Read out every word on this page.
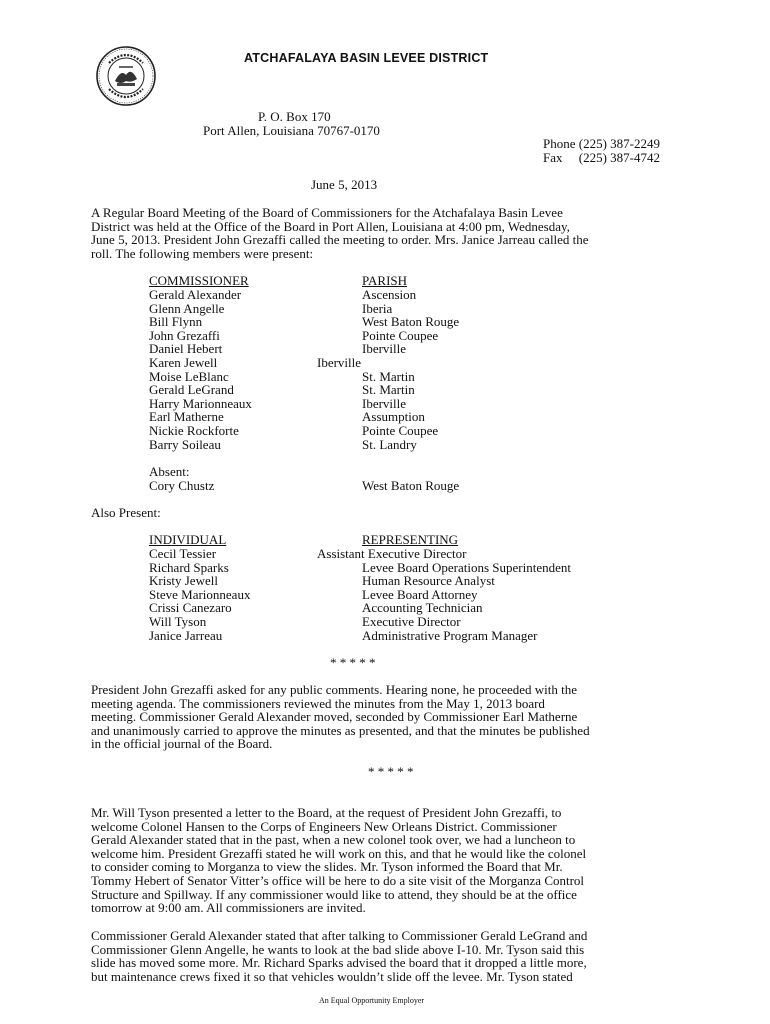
ATCHAFALAYA BASIN LEVEE DISTRICT
P. O. Box 170
Port Allen, Louisiana 70767-0170
Phone (225) 387-2249
Fax     (225) 387-4742
June 5, 2013
A Regular Board Meeting of the Board of Commissioners for the Atchafalaya Basin Levee
District was held at the Office of the Board in Port Allen, Louisiana at 4:00 pm, Wednesday,
June 5, 2013. President John Grezaffi called the meeting to order. Mrs. Janice Jarreau called the
roll. The following members were present:
COMMISSIONER	PARISH
Gerald Alexander	Ascension
Glenn Angelle	Iberia
Bill Flynn	West Baton Rouge
John Grezaffi	Pointe Coupee
Daniel Hebert	Iberville
Karen Jewell	Iberville
Moise LeBlanc	St. Martin
Gerald LeGrand	St. Martin
Harry Marionneaux	Iberville
Earl Matherne	Assumption
Nickie Rockforte	Pointe Coupee
Barry Soileau	St. Landry
Absent:
Cory Chustz	West Baton Rouge
Also Present:
INDIVIDUAL	REPRESENTING
Cecil Tessier	Assistant Executive Director
Richard Sparks	Levee Board Operations Superintendent
Kristy Jewell	Human Resource Analyst
Steve Marionneaux	Levee Board Attorney
Crissi Canezaro	Accounting Technician
Will Tyson	Executive Director
Janice Jarreau	Administrative Program Manager
* * * * *
President John Grezaffi asked for any public comments. Hearing none, he proceeded with the
meeting agenda. The commissioners reviewed the minutes from the May 1, 2013 board
meeting. Commissioner Gerald Alexander moved, seconded by Commissioner Earl Matherne
and unanimously carried to approve the minutes as presented, and that the minutes be published
in the official journal of the Board.
* * * * *
Mr. Will Tyson presented a letter to the Board, at the request of President John Grezaffi, to
welcome Colonel Hansen to the Corps of Engineers New Orleans District. Commissioner
Gerald Alexander stated that in the past, when a new colonel took over, we had a luncheon to
welcome him. President Grezaffi stated he will work on this, and that he would like the colonel
to consider coming to Morganza to view the slides. Mr. Tyson informed the Board that Mr.
Tommy Hebert of Senator Vitter’s office will be here to do a site visit of the Morganza Control
Structure and Spillway. If any commissioner would like to attend, they should be at the office
tomorrow at 9:00 am. All commissioners are invited.
Commissioner Gerald Alexander stated that after talking to Commissioner Gerald LeGrand and
Commissioner Glenn Angelle, he wants to look at the bad slide above I-10. Mr. Tyson said this
slide has moved some more. Mr. Richard Sparks advised the board that it dropped a little more,
but maintenance crews fixed it so that vehicles wouldn’t slide off the levee. Mr. Tyson stated
An Equal Opportunity Employer
